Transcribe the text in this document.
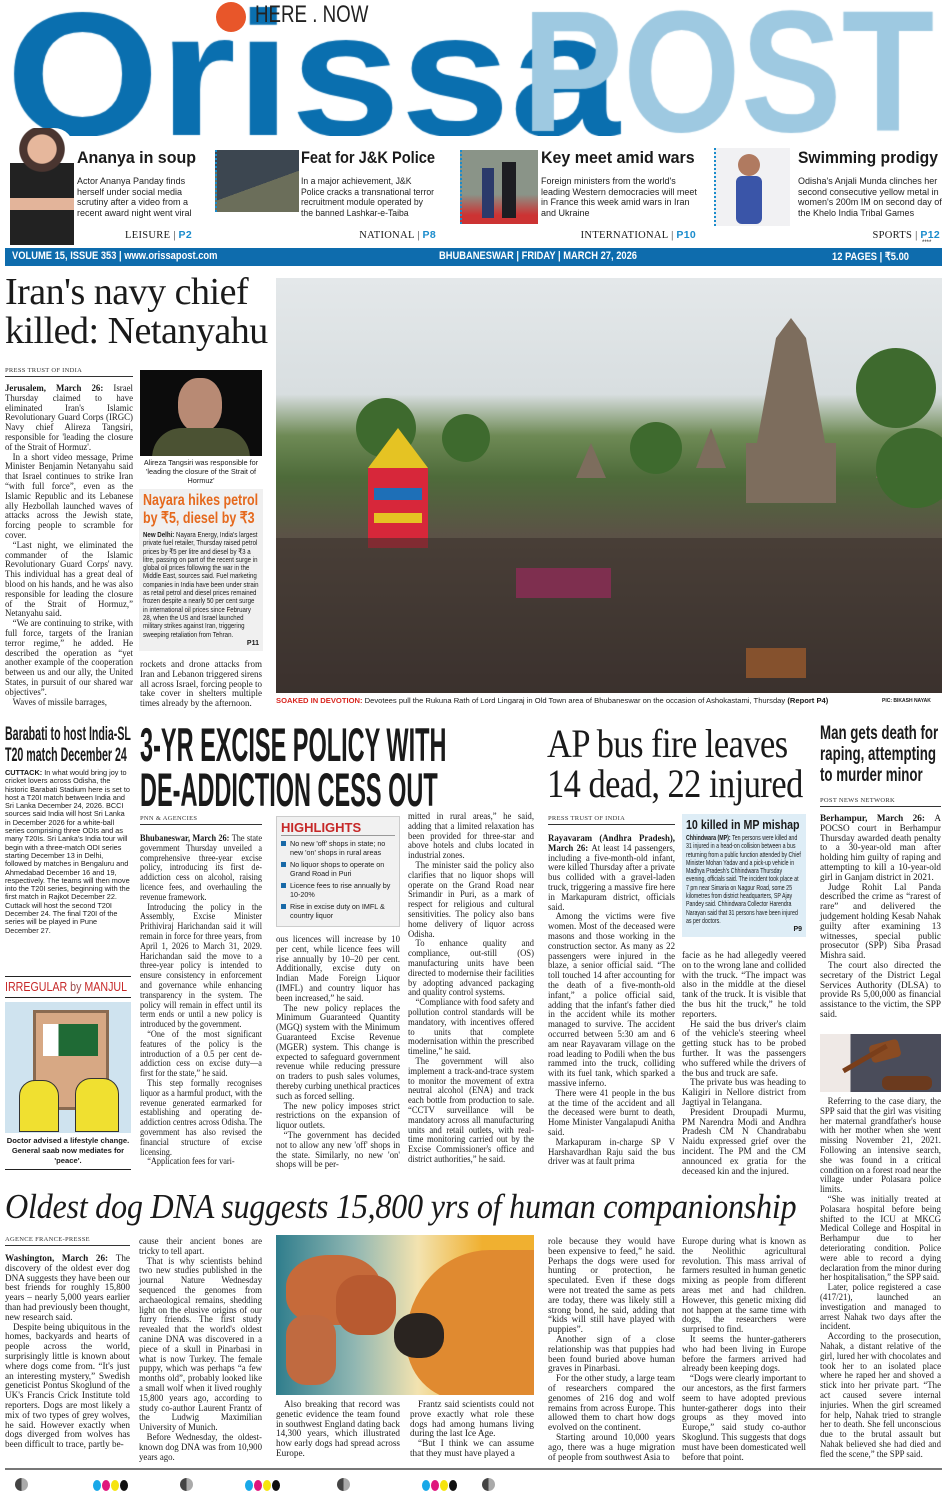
HERE . NOW
Ananya in soup
Actor Ananya Panday finds herself under social media scrutiny after a video from a recent award night went viral
LEISURE | P2
Feat for J&K Police
In a major achievement, J&K Police cracks a transnational terror recruitment module operated by the banned Lashkar-e-Taiba
NATIONAL | P8
Key meet amid wars
Foreign ministers from the world's leading Western democracies will meet in France this week amid wars in Iran and Ukraine
INTERNATIONAL | P10
Swimming prodigy
Odisha's Anjali Munda clinches her second consecutive yellow metal in women's 200m IM on second day of the Khelo India Tribal Games
SPORTS | P12
****
VOLUME 15, ISSUE 353 | www.orissapost.com	BHUBANESWAR | FRIDAY | MARCH 27, 2026	12 PAGES | ₹5.00
Iran's navy chief killed: Netanyahu
PRESS TRUST OF INDIA

Jerusalem, March 26: Israel Thursday claimed to have eliminated Iran's Islamic Revolutionary Guard Corps (IRGC) Navy chief Alireza Tangsiri, responsible for 'leading the closure of the Strait of Hormuz'.

In a short video message, Prime Minister Benjamin Netanyahu said that Israel continues to strike Iran “with full force”, even as the Islamic Republic and its Lebanese ally Hezbollah launched waves of attacks across the Jewish state, forcing people to scramble for cover.

“Last night, we eliminated the commander of the Islamic Revolutionary Guard Corps' navy. This individual has a great deal of blood on his hands, and he was also responsible for leading the closure of the Strait of Hormuz,” Netanyahu said.

“We are continuing to strike, with full force, targets of the Iranian terror regime,” he added. He described the operation as “yet another example of the cooperation between us and our ally, the United States, in pursuit of our shared war objectives”.

Waves of missile barrages,

Alireza Tangsiri was responsible for 'leading the closure of the Strait of Hormuz'
Nayara hikes petrol by ₹5, diesel by ₹3

New Delhi: Nayara Energy, India's largest private fuel retailer, Thursday raised petrol prices by ₹5 per litre and diesel by ₹3 a litre, passing on part of the recent surge in global oil prices following the war in the Middle East, sources said. Fuel marketing companies in India have been under strain as retail petrol and diesel prices remained frozen despite a nearly 50 per cent surge in international oil prices since February 28, when the US and Israel launched military strikes against Iran, triggering sweeping retaliation from Tehran.

P11

rockets and drone attacks from Iran and Lebanon triggered sirens all across Israel, forcing people to take cover in shelters multiple times already by the afternoon.	SOAKED IN DEVOTION: Devotees pull the Rukuna Rath of Lord Lingaraj in Old Town area of Bhubaneswar on the occasion of Ashokastami, Thursday (Report P4)	PIC: BIKASH NAYAK
Barabati to host India-SL
T20 match December 24

CUTTACK: In what would bring joy to cricket lovers across Odisha, the historic Barabati Stadium here is set to host a T20I match between India and Sri Lanka December 24, 2026. BCCI sources said India will host Sri Lanka in December 2026 for a white-ball series comprising three ODIs and as many T20Is. Sri Lanka's India tour will begin with a three-match ODI series starting December 13 in Delhi, followed by matches in Bengaluru and Ahmedabad December 16 and 19, respectively. The teams will then move into the T20I series, beginning with the first match in Rajkot December 22. Cuttack will host the second T20I December 24. The final T20I of the series will be played in Pune December 27.

IRREGULAR by MANJUL
Doctor advised a lifestyle change. General saab now mediates for 'peace'.
3-YR EXCISE POLICY WITH
DE-ADDICTION CESS OUT
PNN & AGENCIES

Bhubaneswar, March 26: The state government Thursday unveiled a comprehensive three-year excise policy, introducing its first de-addiction cess on alcohol, raising licence fees, and overhauling the revenue framework.

Introducing the policy in the Assembly, Excise Minister Prithiviraj Harichandan said it will remain in force for three years, from April 1, 2026 to March 31, 2029. Harichandan said the move to a three-year policy is intended to ensure consistency in enforcement and governance while enhancing transparency in the system. The policy will remain in effect until its term ends or until a new policy is introduced by the government.

“One of the most significant features of the policy is the introduction of a 0.5 per cent de-addiction cess on excise duty—a first for the state,” he said.

This step formally recognises liquor as a harmful product, with the revenue generated earmarked for establishing and operating de-addiction centres across Odisha. The government has also revised the financial structure of excise licensing.

“Application fees for vari-

HIGHLIGHTS
No new 'off' shops in state; no new 'on' shops in rural areas
No liquor shops to operate on Grand Road in Puri
Licence fees to rise annually by 10-20%
Rise in excise duty on IMFL & country liquor

ous licences will increase by 10 per cent, while licence fees will rise annually by 10–20 per cent. Additionally, excise duty on Indian Made Foreign Liquor (IMFL) and country liquor has been increased,” he said.

The new policy replaces the Minimum Guaranteed Quantity (MGQ) system with the Minimum Guaranteed Excise Revenue (MGER) system. This change is expected to safeguard government revenue while reducing pressure on traders to push sales volumes, thereby curbing unethical practices such as forced selling.

The new policy imposes strict restrictions on the expansion of liquor outlets.

“The government has decided not to allow any new 'off' shops in the state. Similarly, no new 'on' shops will be per-

mitted in rural areas,” he said, adding that a limited relaxation has been provided for three-star and above hotels and clubs located in industrial zones.

The minister said the policy also clarifies that no liquor shops will operate on the Grand Road near Srimandir in Puri, as a mark of respect for religious and cultural sensitivities. The policy also bans home delivery of liquor across Odisha.

To enhance quality and compliance, out-still (OS) manufacturing units have been directed to modernise their facilities by adopting advanced packaging and quality control systems.

“Compliance with food safety and pollution control standards will be mandatory, with incentives offered to units that complete modernisation within the prescribed timeline,” he said.

The government will also implement a track-and-trace system to monitor the movement of extra neutral alcohol (ENA) and track each bottle from production to sale. “CCTV surveillance will be mandatory across all manufacturing units and retail outlets, with real-time monitoring carried out by the Excise Commissioner's office and district authorities,” he said.

AP bus fire leaves
14 dead, 22 injured
PRESS TRUST OF INDIA

Rayavaram (Andhra Pradesh), March 26: At least 14 passengers, including a five-month-old infant, were killed Thursday after a private bus collided with a gravel-laden truck, triggering a massive fire here in Markapuram district, officials said.

Among the victims were five women. Most of the deceased were masons and those working in the construction sector. As many as 22 passengers were injured in the blaze, a senior official said. “The toll touched 14 after accounting for the death of a five-month-old infant,” a police official said, adding that the infant's father died in the accident while its mother managed to survive. The accident occurred between 5:30 am and 6 am near Rayavaram village on the road leading to Podili when the bus rammed into the truck, colliding with its fuel tank, which sparked a massive inferno.

There were 41 people in the bus at the time of the accident and all the deceased were burnt to death, Home Minister Vangalapudi Anitha said.

Markapuram in-charge SP V Harshavardhan Raju said the bus driver was at fault prima

10 killed in MP mishap

Chhindwara (MP): Ten persons were killed and 31 injured in a head-on collision between a bus returning from a public function attended by Chief Minister Mohan Yadav and a pick-up vehicle in Madhya Pradesh's Chhindwara Thursday evening, officials said. The incident took place at 7 pm near Simaria on Nagpur Road, some 25 kilometres from district headquarters, SP Ajay Pandey said. Chhindwara Collector Harendra Narayan said that 31 persons have been injured as per doctors.

P9

facie as he had allegedly veered on to the wrong lane and collided with the truck. “The impact was also in the middle at the diesel tank of the truck. It is visible that the bus hit the truck,” he told reporters.

He said the bus driver's claim of the vehicle's steering wheel getting stuck has to be probed further. It was the passengers who suffered while the drivers of the bus and truck are safe.

The private bus was heading to Kaligiri in Nellore district from Jagtiyal in Telangana.

President Droupadi Murmu, PM Narendra Modi and Andhra Pradesh CM N Chandrababu Naidu expressed grief over the incident. The PM and the CM announced ex gratia for the deceased kin and the injured.

Man gets death for
raping, attempting
to murder minor
POST NEWS NETWORK

Berhampur, March 26: A POCSO court in Berhampur Thursday awarded death penalty to a 30-year-old man after holding him guilty of raping and attempting to kill a 10-year-old girl in Ganjam district in 2021.

Judge Rohit Lal Panda described the crime as “rarest of rare” and delivered the judgement holding Kesab Nahak guilty after examining 13 witnesses, special public prosecutor (SPP) Siba Prasad Mishra said.

The court also directed the secretary of the District Legal Services Authority (DLSA) to provide Rs 5,00,000 as financial assistance to the victim, the SPP said.

Referring to the case diary, the SPP said that the girl was visiting her maternal grandfather's house with her mother when she went missing November 21, 2021. Following an intensive search, she was found in a critical condition on a forest road near the village under Polasara police limits.

“She was initially treated at Polasara hospital before being shifted to the ICU at MKCG Medical College and Hospital in Berhampur due to her deteriorating condition. Police were able to record a dying declaration from the minor during her hospitalisation,” the SPP said.

Later, police registered a case (417/21), launched an investigation and managed to arrest Nahak two days after the incident.

According to the prosecution, Nahak, a distant relative of the girl, lured her with chocolates and took her to an isolated place where he raped her and shoved a stick into her private part. “The act caused severe internal injuries. When the girl screamed for help, Nahak tried to strangle her to death. She fell unconscious due to the brutal assault but Nahak believed she had died and fled the scene,” the SPP said.

Oldest dog DNA suggests 15,800 yrs of human companionship
AGENCE FRANCE-PRESSE

Washington, March 26: The discovery of the oldest ever dog DNA suggests they have been our best friends for roughly 15,800 years – nearly 5,000 years earlier than had previously been thought, new research said.

Despite being ubiquitous in the homes, backyards and hearts of people across the world, surprisingly little is known about where dogs come from. “It's just an interesting mystery,” Swedish geneticist Pontus Skoglund of the UK's Francis Crick Institute told reporters. Dogs are most likely a mix of two types of grey wolves, he said. However exactly when dogs diverged from wolves has been difficult to trace, partly be-

cause their ancient bones are tricky to tell apart.

That is why scientists behind two new studies published in the journal Nature Wednesday sequenced the genomes from archaeological remains, shedding light on the elusive origins of our furry friends. The first study revealed that the world's oldest canine DNA was discovered in a piece of a skull in Pinarbasi in what is now Turkey. The female puppy, which was perhaps “a few months old”, probably looked like a small wolf when it lived roughly 15,800 years ago, according to study co-author Laurent Frantz of the Ludwig Maximilian University of Munich.

Before Wednesday, the oldest-known dog DNA was from 10,900 years ago.

Also breaking that record was genetic evidence the team found in southwest England dating back 14,300 years, which illustrated how early dogs had spread across Europe.

Frantz said scientists could not prove exactly what role these dogs had among humans living during the last Ice Age.

“But I think we can assume that they must have played a

role because they would have been expensive to feed,” he said. Perhaps the dogs were used for hunting or protection, he speculated. Even if these dogs were not treated the same as pets are today, there was likely still a strong bond, he said, adding that “kids will still have played with puppies”.

Another sign of a close relationship was that puppies had been found buried above human graves in Pinarbasi.

For the other study, a large team of researchers compared the genomes of 216 dog and wolf remains from across Europe. This allowed them to chart how dogs evolved on the continent.

Starting around 10,000 years ago, there was a huge migration of people from southwest Asia to

Europe during what is known as the Neolithic agricultural revolution. This mass arrival of farmers resulted in human genetic mixing as people from different areas met and had children. However, this genetic mixing did not happen at the same time with dogs, the researchers were surprised to find.

It seems the hunter-gatherers who had been living in Europe before the farmers arrived had already been keeping dogs.

“Dogs were clearly important to our ancestors, as the first farmers seem to have adopted previous hunter-gatherer dogs into their groups as they moved into Europe,” said study co-author Skoglund. This suggests that dogs must have been domesticated well before that point.
